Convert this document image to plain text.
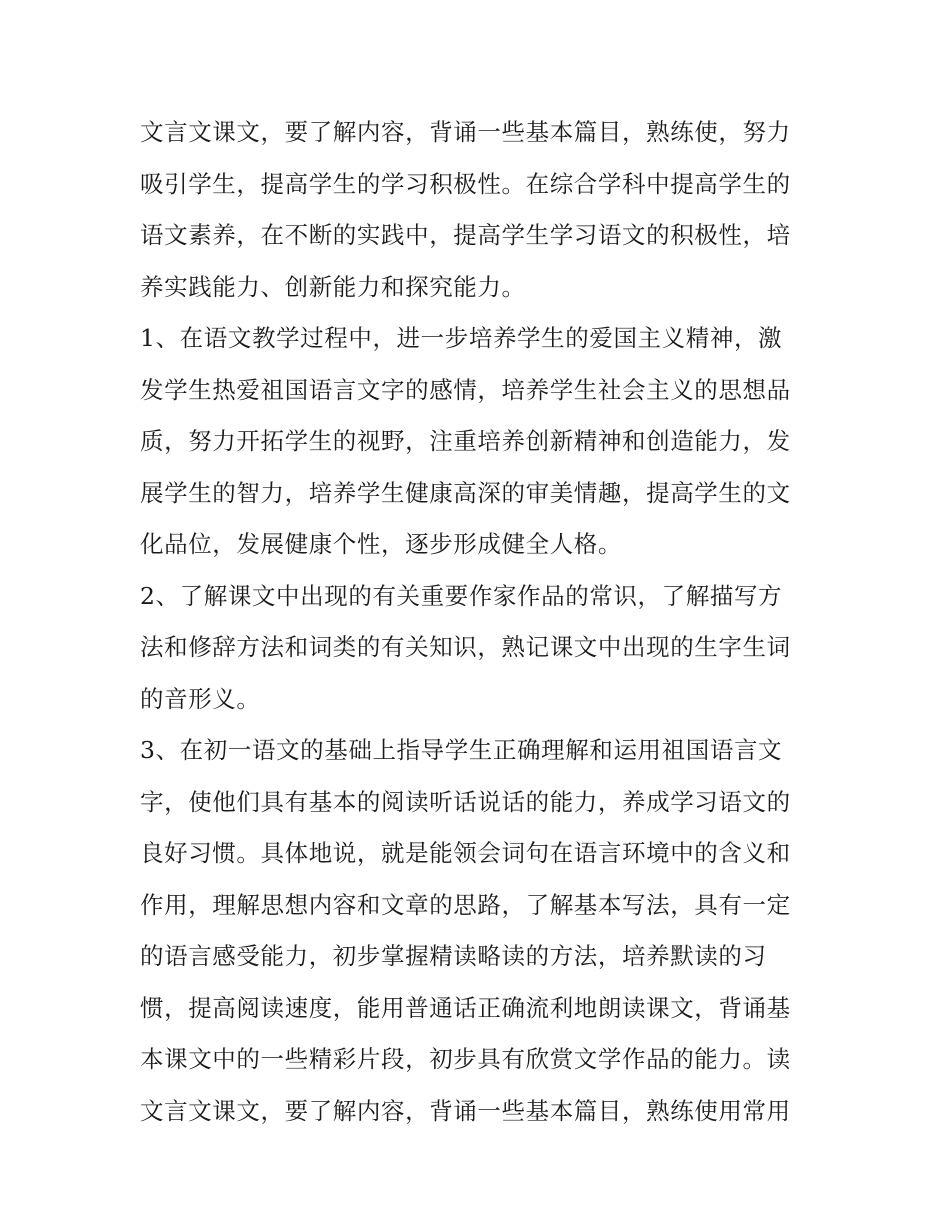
文言文课文，要了解内容，背诵一些基本篇目，熟练使，努力
吸引学生，提高学生的学习积极性。在综合学科中提高学生的
语文素养，在不断的实践中，提高学生学习语文的积极性，培
养实践能力、创新能力和探究能力。
1、在语文教学过程中，进一步培养学生的爱国主义精神，激
发学生热爱祖国语言文字的感情，培养学生社会主义的思想品
质，努力开拓学生的视野，注重培养创新精神和创造能力，发
展学生的智力，培养学生健康高深的审美情趣，提高学生的文
化品位，发展健康个性，逐步形成健全人格。
2、了解课文中出现的有关重要作家作品的常识，了解描写方
法和修辞方法和词类的有关知识，熟记课文中出现的生字生词
的音形义。
3、在初一语文的基础上指导学生正确理解和运用祖国语言文
字，使他们具有基本的阅读听话说话的能力，养成学习语文的
良好习惯。具体地说，就是能领会词句在语言环境中的含义和
作用，理解思想内容和文章的思路，了解基本写法，具有一定
的语言感受能力，初步掌握精读略读的方法，培养默读的习
惯，提高阅读速度，能用普通话正确流利地朗读课文，背诵基
本课文中的一些精彩片段，初步具有欣赏文学作品的能力。读
文言文课文，要了解内容，背诵一些基本篇目，熟练使用常用
